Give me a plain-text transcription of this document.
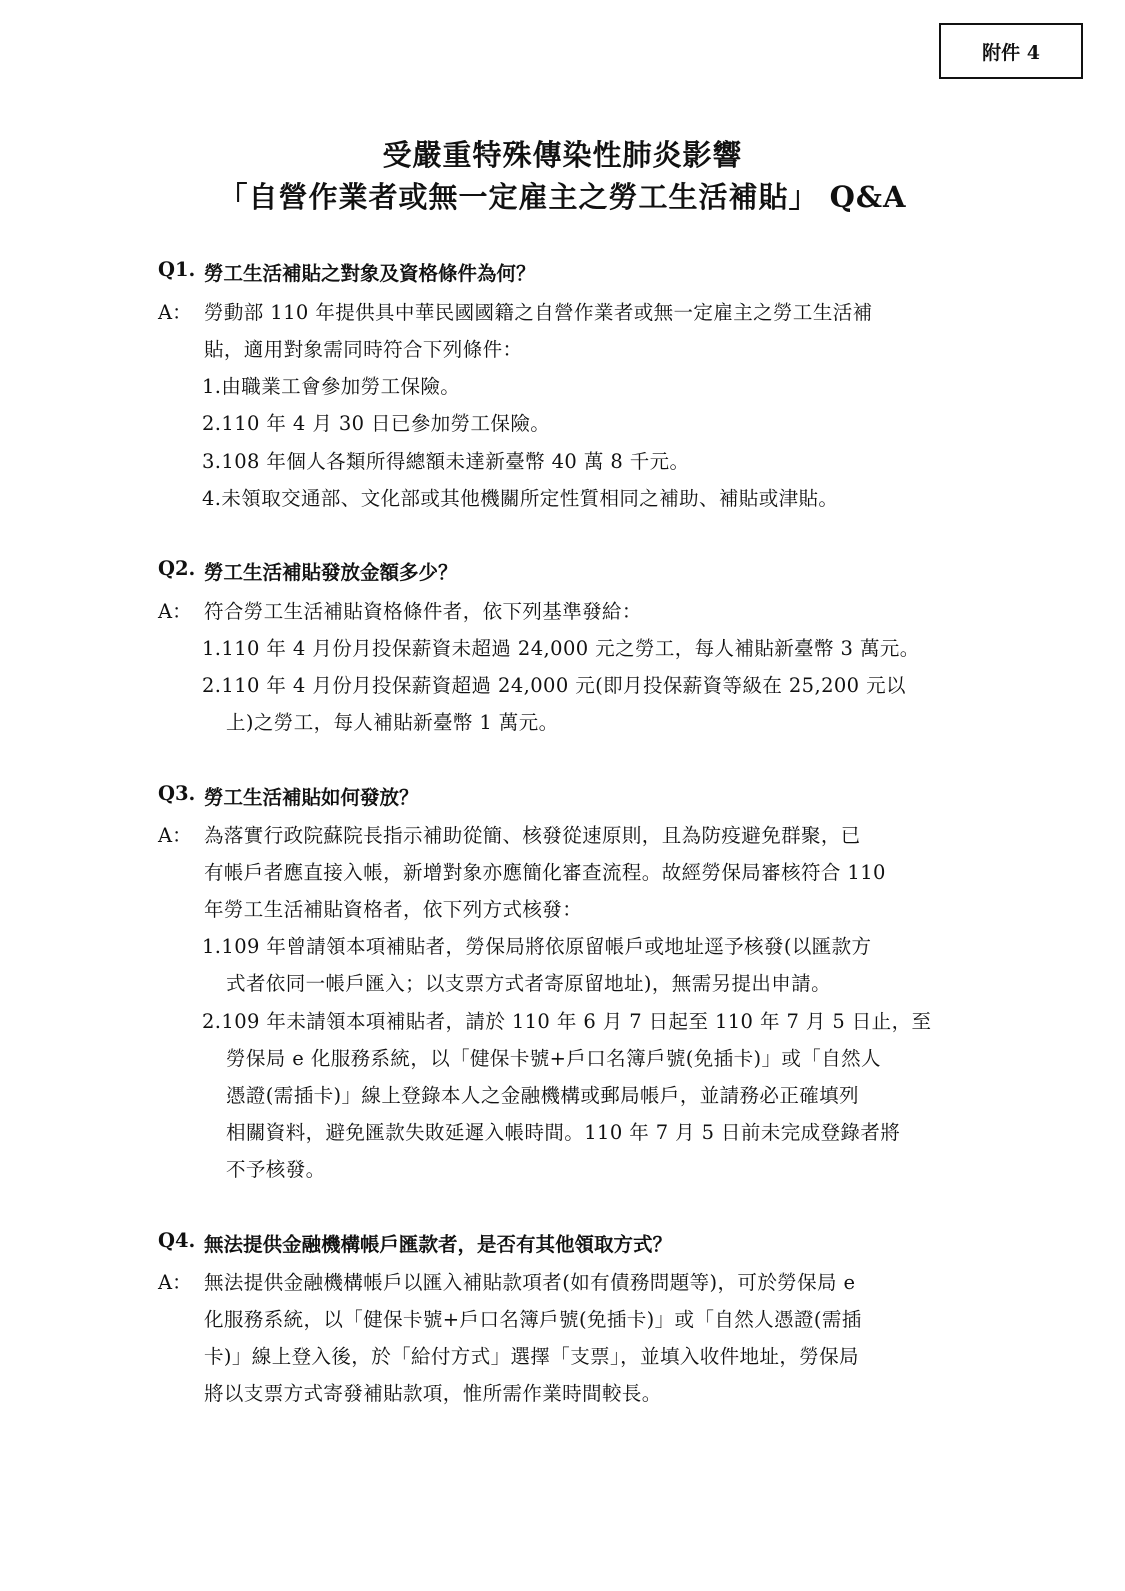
附件 4
受嚴重特殊傳染性肺炎影響
「自營作業者或無一定雇主之勞工生活補貼」 Q&A
Q1. 勞工生活補貼之對象及資格條件為何？
A： 勞動部 110 年提供具中華民國國籍之自營作業者或無一定雇主之勞工生活補
貼，適用對象需同時符合下列條件：
1.由職業工會參加勞工保險。
2.110 年 4 月 30 日已參加勞工保險。
3.108 年個人各類所得總額未達新臺幣 40 萬 8 千元。
4.未領取交通部、文化部或其他機關所定性質相同之補助、補貼或津貼。
Q2. 勞工生活補貼發放金額多少？
A： 符合勞工生活補貼資格條件者，依下列基準發給：
1.110 年 4 月份月投保薪資未超過 24,000 元之勞工，每人補貼新臺幣 3 萬元。
2.110 年 4 月份月投保薪資超過 24,000 元(即月投保薪資等級在 25,200 元以
上)之勞工，每人補貼新臺幣 1 萬元。
Q3. 勞工生活補貼如何發放？
A： 為落實行政院蘇院長指示補助從簡、核發從速原則，且為防疫避免群聚，已
有帳戶者應直接入帳，新增對象亦應簡化審查流程。故經勞保局審核符合 110
年勞工生活補貼資格者，依下列方式核發：
1.109 年曾請領本項補貼者，勞保局將依原留帳戶或地址逕予核發(以匯款方
式者依同一帳戶匯入；以支票方式者寄原留地址)，無需另提出申請。
2.109 年未請領本項補貼者，請於 110 年 6 月 7 日起至 110 年 7 月 5 日止，至
勞保局 e 化服務系統，以「健保卡號+戶口名簿戶號(免插卡)」或「自然人
憑證(需插卡)」線上登錄本人之金融機構或郵局帳戶，並請務必正確填列
相關資料，避免匯款失敗延遲入帳時間。110 年 7 月 5 日前未完成登錄者將
不予核發。
Q4. 無法提供金融機構帳戶匯款者，是否有其他領取方式？
A： 無法提供金融機構帳戶以匯入補貼款項者(如有債務問題等)，可於勞保局 e
化服務系統，以「健保卡號+戶口名簿戶號(免插卡)」或「自然人憑證(需插
卡)」線上登入後，於「給付方式」選擇「支票」，並填入收件地址，勞保局
將以支票方式寄發補貼款項，惟所需作業時間較長。
